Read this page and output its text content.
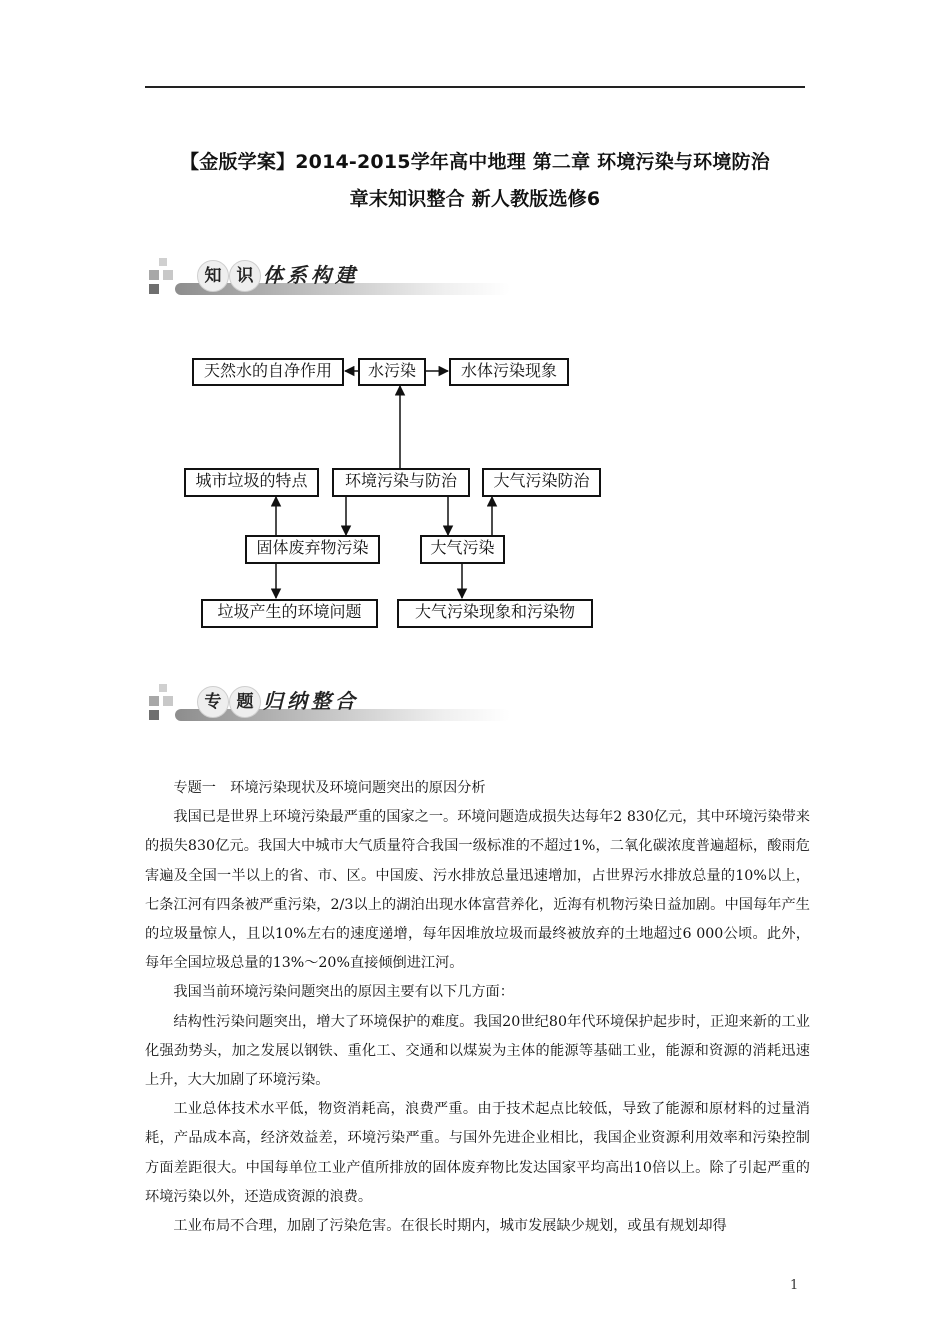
【金版学案】2014-2015学年高中地理 第二章 环境污染与环境防治
章末知识整合 新人教版选修6
知 识 体系构建
天然水的自净作用	水污染	水体污染现象
城市垃圾的特点	环境污染与防治	大气污染防治
固体废弃物污染	大气污染
垃圾产生的环境问题	大气污染现象和污染物
专 题 归纳整合

专题一　环境污染现状及环境问题突出的原因分析

我国已是世界上环境污染最严重的国家之一。环境问题造成损失达每年2 830亿元，其中环境污染带来的损失830亿元。我国大中城市大气质量符合我国一级标准的不超过1%，二氧化碳浓度普遍超标，酸雨危害遍及全国一半以上的省、市、区。中国废、污水排放总量迅速增加，占世界污水排放总量的10%以上，七条江河有四条被严重污染，2/3以上的湖泊出现水体富营养化，近海有机物污染日益加剧。中国每年产生的垃圾量惊人，且以10%左右的速度递增，每年因堆放垃圾而最终被放弃的土地超过6 000公顷。此外，每年全国垃圾总量的13%～20%直接倾倒进江河。

我国当前环境污染问题突出的原因主要有以下几方面：

结构性污染问题突出，增大了环境保护的难度。我国20世纪80年代环境保护起步时，正迎来新的工业化强劲势头，加之发展以钢铁、重化工、交通和以煤炭为主体的能源等基础工业，能源和资源的消耗迅速上升，大大加剧了环境污染。

工业总体技术水平低，物资消耗高，浪费严重。由于技术起点比较低，导致了能源和原材料的过量消耗，产品成本高，经济效益差，环境污染严重。与国外先进企业相比，我国企业资源利用效率和污染控制方面差距很大。中国每单位工业产值所排放的固体废弃物比发达国家平均高出10倍以上。除了引起严重的环境污染以外，还造成资源的浪费。

工业布局不合理，加剧了污染危害。在很长时期内，城市发展缺少规划，或虽有规划却得

1
